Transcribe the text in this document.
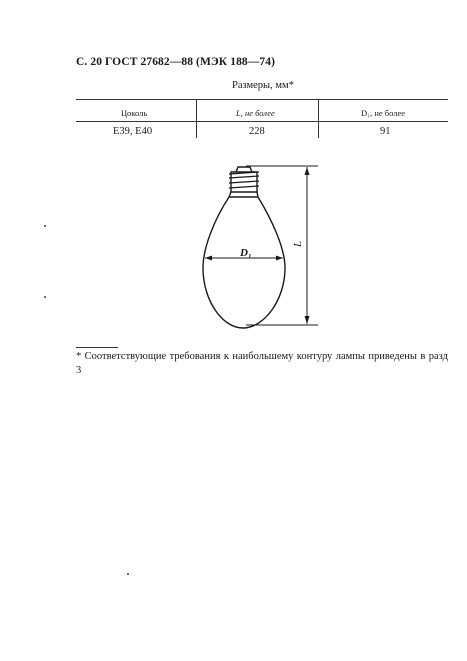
С. 20 ГОСТ 27682—88 (МЭК 188—74)
Размеры, мм*
Цоколь	L, не более	D₁, не более
E39, E40	228	91
D₁
L
* Соответствующие требования к наибольшему контуру лампы приведены в разд 3
